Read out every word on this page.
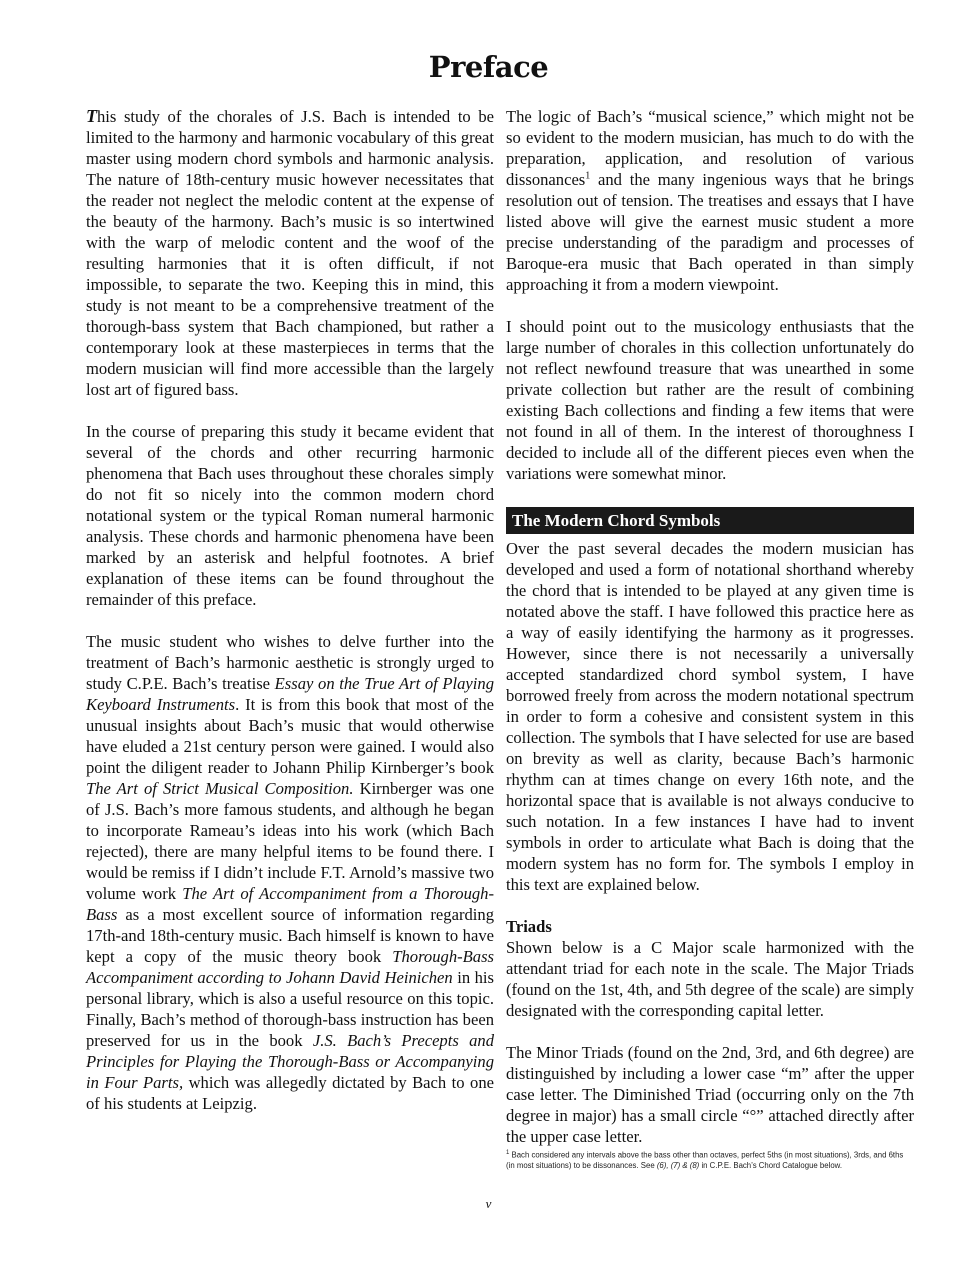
Preface

This study of the chorales of J.S. Bach is intended to be limited to the harmony and harmonic vocabulary of this great master using modern chord symbols and harmonic analysis. The nature of 18th-century music however necessitates that the reader not neglect the melodic content at the expense of the beauty of the harmony. Bach’s music is so intertwined with the warp of melodic content and the woof of the resulting harmonies that it is often difficult, if not impossible, to separate the two. Keeping this in mind, this study is not meant to be a comprehensive treatment of the thorough-bass system that Bach championed, but rather a contemporary look at these masterpieces in terms that the modern musician will find more accessible than the largely lost art of figured bass.

In the course of preparing this study it became evident that several of the chords and other recurring harmonic phenomena that Bach uses throughout these chorales simply do not fit so nicely into the common modern chord notational system or the typical Roman numeral harmonic analysis. These chords and harmonic phenomena have been marked by an asterisk and helpful footnotes. A brief explanation of these items can be found throughout the remainder of this preface.

The music student who wishes to delve further into the treatment of Bach’s harmonic aesthetic is strongly urged to study C.P.E. Bach’s treatise Essay on the True Art of Playing Keyboard Instruments. It is from this book that most of the unusual insights about Bach’s music that would otherwise have eluded a 21st century person were gained. I would also point the diligent reader to Johann Philip Kirnberger’s book The Art of Strict Musical Composition. Kirnberger was one of J.S. Bach’s more famous students, and although he began to incorporate Rameau’s ideas into his work (which Bach rejected), there are many helpful items to be found there. I would be remiss if I didn’t include F.T. Arnold’s massive two volume work The Art of Accompaniment from a Thorough-Bass as a most excellent source of information regarding 17th-and 18th-century music. Bach himself is known to have kept a copy of the music theory book Thorough-Bass Accompaniment according to Johann David Heinichen in his personal library, which is also a useful resource on this topic. Finally, Bach’s method of thorough-bass instruction has been preserved for us in the book J.S. Bach’s Precepts and Principles for Playing the Thorough-Bass or Accompanying in Four Parts, which was allegedly dictated by Bach to one of his students at Leipzig.

The logic of Bach’s “musical science,” which might not be so evident to the modern musician, has much to do with the preparation, application, and resolution of various dissonances$^1$ and the many ingenious ways that he brings resolution out of tension. The treatises and essays that I have listed above will give the earnest music student a more precise understanding of the paradigm and processes of Baroque-era music that Bach operated in than simply approaching it from a modern viewpoint.

I should point out to the musicology enthusiasts that the large number of chorales in this collection unfortunately do not reflect newfound treasure that was unearthed in some private collection but rather are the result of combining existing Bach collections and finding a few items that were not found in all of them. In the interest of thoroughness I decided to include all of the different pieces even when the variations were somewhat minor.

The Modern Chord Symbols

Over the past several decades the modern musician has developed and used a form of notational shorthand whereby the chord that is intended to be played at any given time is notated above the staff. I have followed this practice here as a way of easily identifying the harmony as it progresses. However, since there is not necessarily a universally accepted standardized chord symbol system, I have borrowed freely from across the modern notational spectrum in order to form a cohesive and consistent system in this collection. The symbols that I have selected for use are based on brevity as well as clarity, because Bach’s harmonic rhythm can at times change on every 16th note, and the horizontal space that is available is not always conducive to such notation. In a few instances I have had to invent symbols in order to articulate what Bach is doing that the modern system has no form for. The symbols I employ in this text are explained below.

Triads

Shown below is a C Major scale harmonized with the attendant triad for each note in the scale. The Major Triads (found on the 1st, 4th, and 5th degree of the scale) are simply designated with the corresponding capital letter.

The Minor Triads (found on the 2nd, 3rd, and 6th degree) are distinguished by including a lower case “m” after the upper case letter. The Diminished Triad (occurring only on the 7th degree in major) has a small circle “°” attached directly after the upper case letter.

$^1$ Bach considered any intervals above the bass other than octaves, perfect 5ths (in most situations), 3rds, and 6ths (in most situations) to be dissonances. See (6), (7) & (8) in C.P.E. Bach’s Chord Catalogue below.
v
